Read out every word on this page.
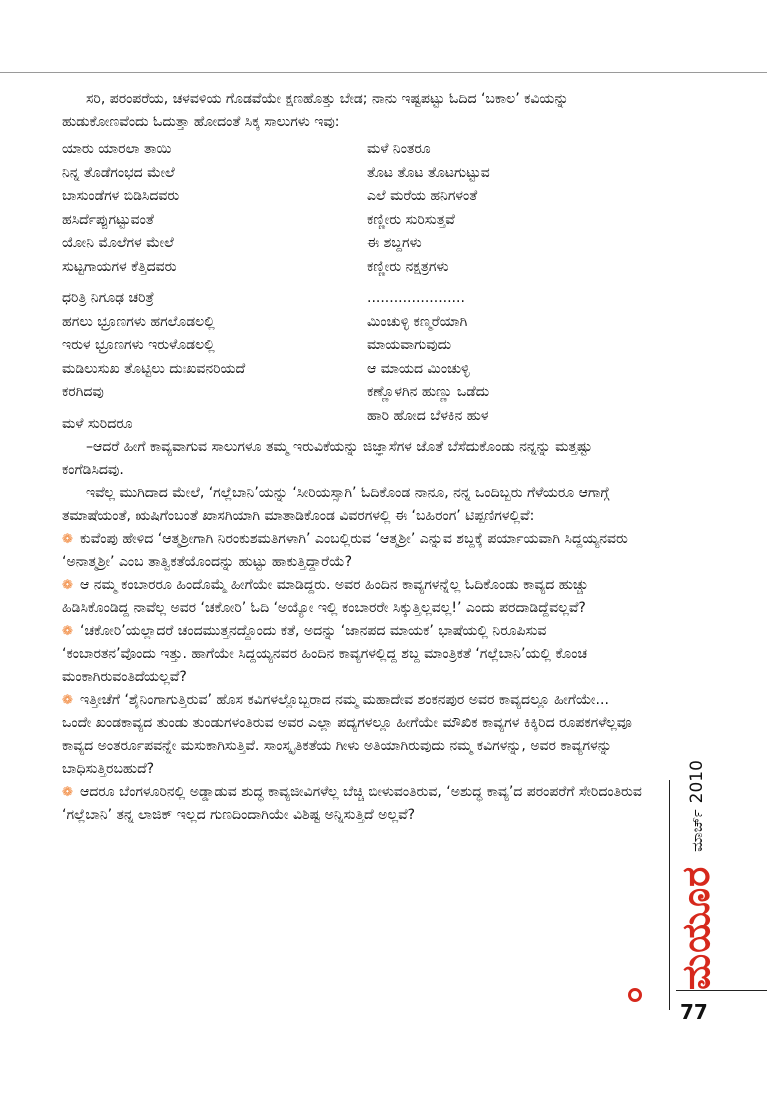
ಸರಿ, ಪರಂಪರೆಯ, ಚಳವಳಿಯ ಗೊಡವೆಯೇ ಕ್ಷಣಹೊತ್ತು ಬೇಡ; ನಾನು ಇಷ್ಟಪಟ್ಟು ಓದಿದ ‘ಬಕಾಲ’ ಕವಿಯನ್ನು ಹುಡುಕೋಣವೆಂದು ಓದುತ್ತಾ ಹೋದಂತೆ ಸಿಕ್ಕ ಸಾಲುಗಳು ಇವು:

ಯಾರು ಯಾರಲಾ ತಾಯಿ
ನಿನ್ನ ತೊಡೆಗಂಭದ ಮೇಲೆ
ಬಾಸುಂಡೆಗಳ ಬಿಡಿಸಿದವರು
ಹಸಿರ್ದೆಪ್ಪುಗಟ್ಟುವಂತೆ
ಯೋನಿ ಮೊಲೆಗಳ ಮೇಲೆ
ಸುಟ್ಟಗಾಯಗಳ ಕೆತ್ತಿದವರು
ಧರಿತ್ರಿ ನಿಗೂಢ ಚರಿತ್ರೆ
ಹಗಲು ಭ್ರೂಣಗಳು ಹಗಲೊಡಲಲ್ಲಿ
ಇರುಳ ಭ್ರೂಣಗಳು ಇರುಳೊಡಲಲ್ಲಿ
ಮಡಿಲುಸುಖ ತೊಟ್ಟಿಲು ದುಃಖವನರಿಯದೆ
ಕರಗಿದವು
ಮಳೆ ಸುರಿದರೂ
ಮಳೆ ನಿಂತರೂ
ತೊಟ ತೊಟ ತೊಟಗುಟ್ಟುವ
ಎಲೆ ಮರೆಯ ಹನಿಗಳಂತೆ
ಕಣ್ಣೀರು ಸುರಿಸುತ್ತವೆ
ಈ ಶಬ್ದಗಳು
ಕಣ್ಣೀರು ನಕ್ಷತ್ರಗಳು
......................
ಮಿಂಚುಳ್ಳಿ ಕಣ್ಮರೆಯಾಗಿ
ಮಾಯವಾಗುವುದು
ಆ ಮಾಯದ ಮಿಂಚುಳ್ಳಿ
ಕಣ್ಣೊಳಗಿನ ಹುಣ್ಣು ಒಡೆದು
ಹಾರಿ ಹೋದ ಬೆಳಕಿನ ಹುಳ

–ಆದರೆ ಹೀಗೆ ಕಾವ್ಯವಾಗುವ ಸಾಲುಗಳೂ ತಮ್ಮ ಇರುವಿಕೆಯನ್ನು ಜಿಜ್ಞಾಸೆಗಳ ಜೊತೆ ಬೆಸೆದುಕೊಂಡು ನನ್ನನ್ನು ಮತ್ತಷ್ಟು ಕಂಗೆಡಿಸಿದವು.

ಇವೆಲ್ಲ ಮುಗಿದಾದ ಮೇಲೆ, ‘ಗಲ್ಲೆಬಾನಿ’ಯನ್ನು ‘ಸೀರಿಯಸ್ಸಾಗಿ’ ಓದಿಕೊಂಡ ನಾನೂ, ನನ್ನ ಒಂದಿಬ್ಬರು ಗೆಳೆಯರೂ ಆಗಾಗ್ಗೆ ತಮಾಷೆಯಂತೆ, ಋಷಿಗೆಂಬಂತೆ ಖಾಸಗಿಯಾಗಿ ಮಾತಾಡಿಕೊಂಡ ವಿವರಗಳಲ್ಲಿ ಈ ‘ಬಹಿರಂಗ’ ಟಿಪ್ಪಣಿಗಳಲ್ಲಿವೆ:

❁ ಕುವೆಂಪು ಹೇಳಿದ ‘ಆತ್ಮಶ್ರೀಗಾಗಿ ನಿರಂಕುಶಮತಿಗಳಾಗಿ’ ಎಂಬಲ್ಲಿರುವ ‘ಆತ್ಮಶ್ರೀ’ ಎನ್ನುವ ಶಬ್ದಕ್ಕೆ ಪರ್ಯಾಯವಾಗಿ ಸಿದ್ದಯ್ಯನವರು ‘ಅನಾತ್ಮಶ್ರೀ’ ಎಂಬ ತಾತ್ವಿಕತೆಯೊಂದನ್ನು ಹುಟ್ಟು ಹಾಕುತ್ತಿದ್ದಾರೆಯೆ?

❁ ಆ ನಮ್ಮ ಕಂಬಾರರೂ ಹಿಂದೊಮ್ಮೆ ಹೀಗೆಯೇ ಮಾಡಿದ್ದರು. ಅವರ ಹಿಂದಿನ ಕಾವ್ಯಗಳನ್ನೆಲ್ಲ ಓದಿಕೊಂಡು ಕಾವ್ಯದ ಹುಚ್ಚು ಹಿಡಿಸಿಕೊಂಡಿದ್ದ ನಾವೆಲ್ಲ ಅವರ ‘ಚಕೋರಿ’ ಓದಿ ‘ಅಯ್ಯೋ ಇಲ್ಲಿ ಕಂಬಾರರೇ ಸಿಕ್ಕುತ್ತಿಲ್ಲವಲ್ಲ!’ ಎಂದು ಪರದಾಡಿದ್ದೆವಲ್ಲವೆ?

❁ ‘ಚಕೋರಿ’ಯಲ್ಲಾದರೆ ಚಂದಮುತ್ತನದ್ದೊಂದು ಕತೆ, ಅದನ್ನು ‘ಜಾನಪದ ಮಾಯಕ’ ಭಾಷೆಯಲ್ಲಿ ನಿರೂಪಿಸುವ ‘ಕಂಬಾರತನ’ವೊಂದು ಇತ್ತು. ಹಾಗೆಯೇ ಸಿದ್ದಯ್ಯನವರ ಹಿಂದಿನ ಕಾವ್ಯಗಳಲ್ಲಿದ್ದ ಶಬ್ದ ಮಾಂತ್ರಿಕತೆ ‘ಗಲ್ಲೆಬಾನಿ’ಯಲ್ಲಿ ಕೊಂಚ ಮಂಕಾಗಿರುವಂತಿದೆಯಲ್ಲವೆ?

❁ ಇತ್ತೀಚೆಗೆ ‘ಶೈನಿಂಗಾಗುತ್ತಿರುವ’ ಹೊಸ ಕವಿಗಳಲ್ಲೊಬ್ಬರಾದ ನಮ್ಮ ಮಹಾದೇವ ಶಂಕನಪುರ ಅವರ ಕಾವ್ಯದಲ್ಲೂ ಹೀಗೆಯೇ... ಒಂದೇ ಖಂಡಕಾವ್ಯದ ತುಂಡು ತುಂಡುಗಳಂತಿರುವ ಅವರ ಎಲ್ಲಾ ಪದ್ಯಗಳಲ್ಲೂ ಹೀಗೆಯೇ ಮೌಖಿಕ ಕಾವ್ಯಗಳ ಕಿಕ್ಕಿರಿದ ರೂಪಕಗಳೆಲ್ಲವೂ ಕಾವ್ಯದ ಅಂತರ್ರೂಪವನ್ನೇ ಮಸುಕಾಗಿಸುತ್ತಿವೆ. ಸಾಂಸ್ಕೃತಿಕತೆಯ ಗೀಳು ಅತಿಯಾಗಿರುವುದು ನಮ್ಮ ಕವಿಗಳನ್ನು, ಅವರ ಕಾವ್ಯಗಳನ್ನು ಬಾಧಿಸುತ್ತಿರಬಹುದೆ?

❁ ಆದರೂ ಬೆಂಗಳೂರಿನಲ್ಲಿ ಅಡ್ಡಾಡುವ ಶುದ್ಧ ಕಾವ್ಯಜೀವಿಗಳೆಲ್ಲ ಬೆಚ್ಚಿ ಬೀಳುವಂತಿರುವ, ‘ಅಶುದ್ಧ ಕಾವ್ಯ’ದ ಪರಂಪರೆಗೆ ಸೇರಿದಂತಿರುವ ‘ಗಲ್ಲೆಬಾನಿ’ ತನ್ನ ಲಾಜಿಕ್ ಇಲ್ಲದ ಗುಣದಿಂದಾಗಿಯೇ ವಿಶಿಷ್ಟ ಅನ್ನಿಸುತ್ತಿದೆ ಅಲ್ಲವೆ?

ಮಯೂರ
ಮಾರ್ಚ್2010
77
